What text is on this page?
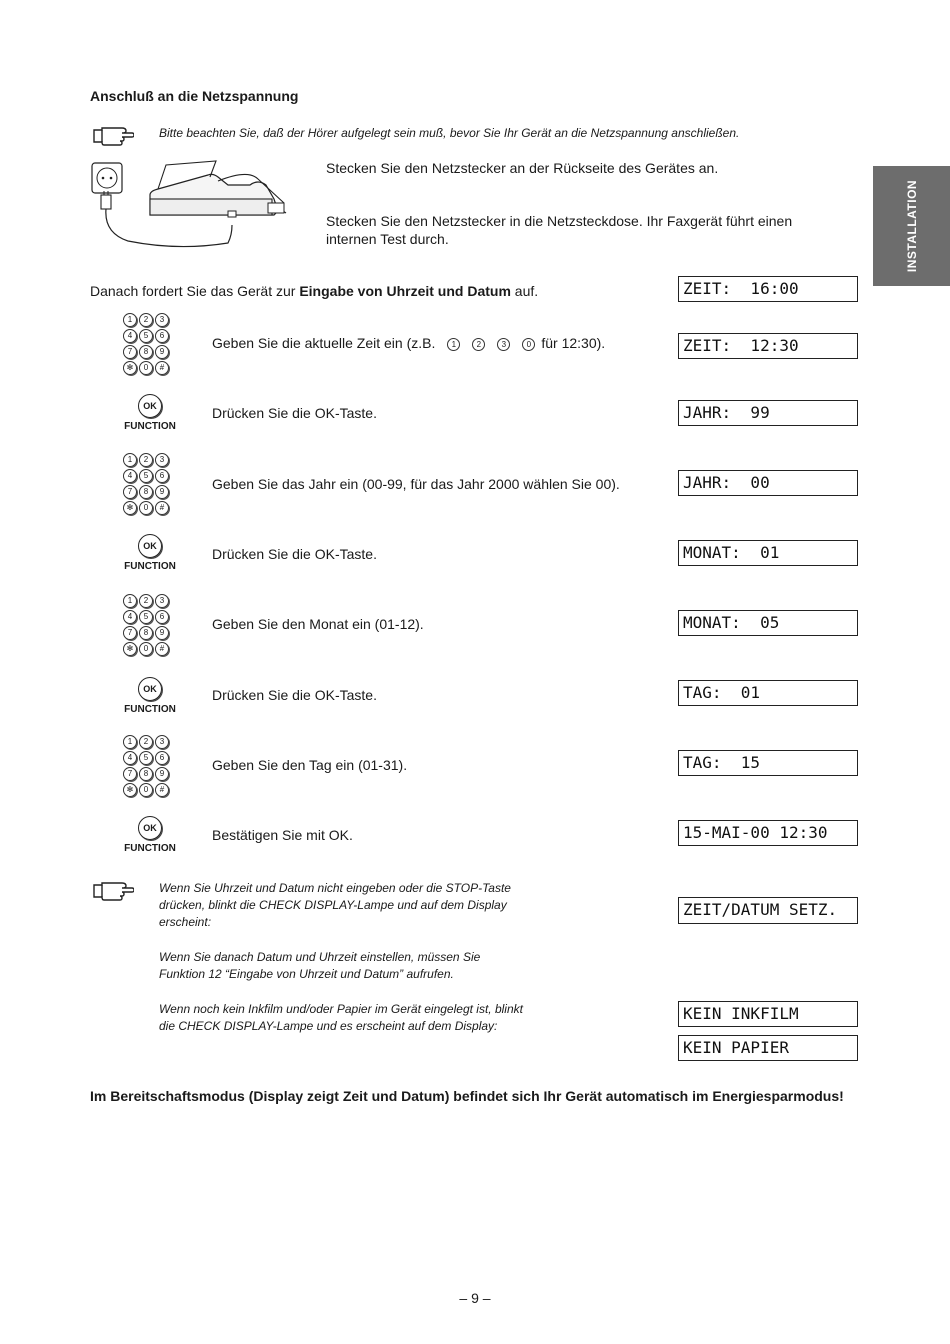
INSTALLATION
Anschluß an die Netzspannung
Bitte beachten Sie, daß der Hörer aufgelegt sein muß, bevor Sie Ihr Gerät an die Netzspannung anschließen.
Stecken Sie den Netzstecker an der Rückseite des Gerätes an.
Stecken Sie den Netzstecker in die Netzsteckdose. Ihr Faxgerät führt einen
internen Test durch.
Danach fordert Sie das Gerät zur Eingabe von Uhrzeit und Datum auf.	ZEIT:  16:00
1	2	3
4	5	6
7	8	9
✻	0	#
Geben Sie die aktuelle Zeit ein (z.B. 1	2	3	0 für 12:30).	ZEIT:  12:30
OK
FUNCTION
Drücken Sie die OK-Taste.	JAHR:  99
1	2	3
4	5	6
7	8	9
✻	0	#
Geben Sie das Jahr ein (00-99, für das Jahr 2000 wählen Sie 00).	JAHR:  00
OK
FUNCTION
Drücken Sie die OK-Taste.	MONAT:  01
1	2	3
4	5	6
7	8	9
✻	0	#
Geben Sie den Monat ein (01-12).	MONAT:  05
OK
FUNCTION
Drücken Sie die OK-Taste.	TAG:  01
1	2	3
4	5	6
7	8	9
✻	0	#
Geben Sie den Tag ein (01-31).	TAG:  15
OK
FUNCTION
Bestätigen Sie mit OK.	15-MAI-00 12:30
Wenn Sie Uhrzeit und Datum nicht eingeben oder die STOP-Taste
drücken, blinkt die CHECK DISPLAY-Lampe und auf dem Display
erscheint:
Wenn Sie danach Datum und Uhrzeit einstellen, müssen Sie
Funktion 12 “Eingabe von Uhrzeit und Datum” aufrufen.
Wenn noch kein Inkfilm und/oder Papier im Gerät eingelegt ist, blinkt
die CHECK DISPLAY-Lampe und es erscheint auf dem Display:
ZEIT/DATUM SETZ.
KEIN INKFILM
KEIN PAPIER
Im Bereitschaftsmodus (Display zeigt Zeit und Datum) befindet sich Ihr Gerät automatisch im Energiesparmodus!
– 9 –
